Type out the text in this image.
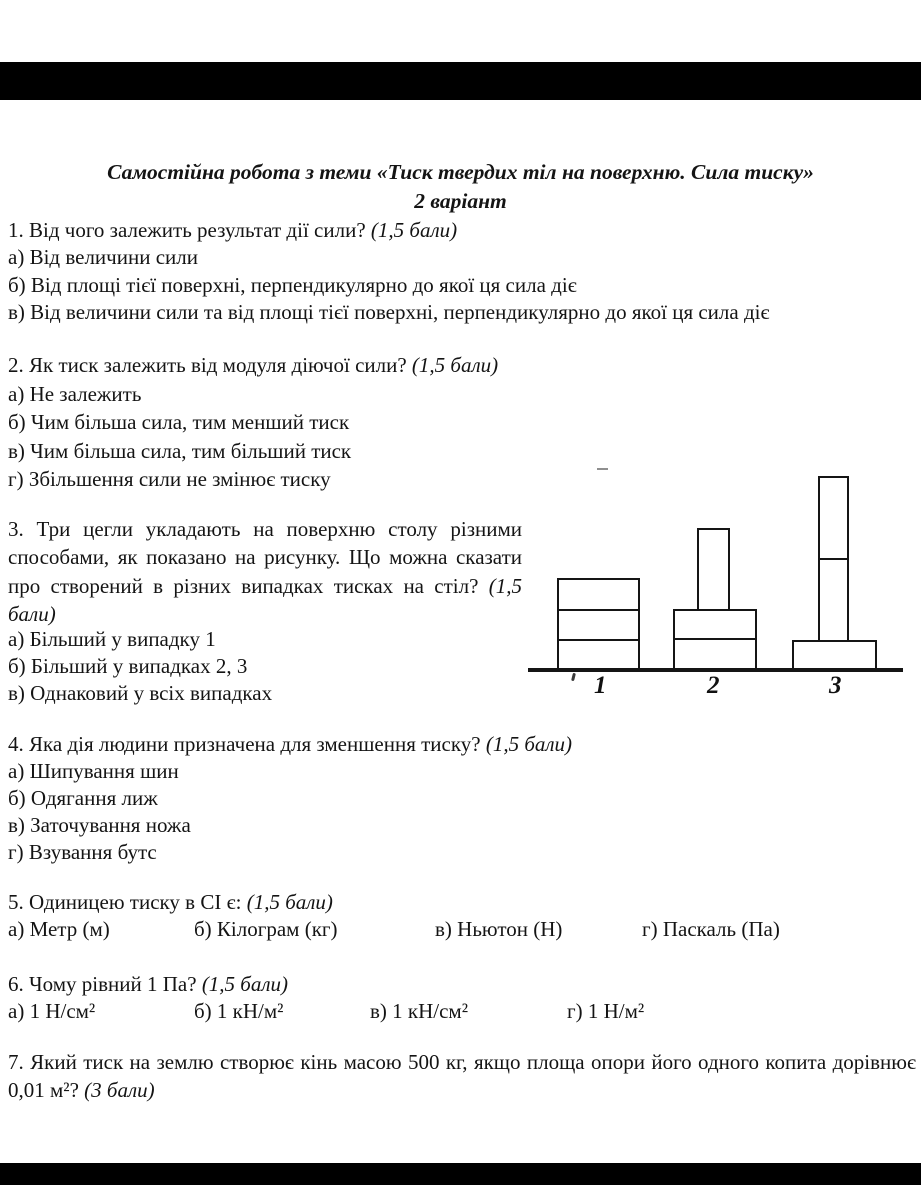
Самостійна робота з теми «Тиск твердих тіл на поверхню. Сила тиску»
2 варіант
1. Від чого залежить результат дії сили? (1,5 бали)
а) Від величини сили
б) Від площі тієї поверхні, перпендикулярно до якої ця сила діє
в) Від величини сили та від площі тієї поверхні, перпендикулярно до якої ця сила діє
2. Як тиск залежить від модуля діючої сили? (1,5 бали)
а) Не залежить
б) Чим більша сила, тим менший тиск
в) Чим більша сила, тим більший тиск
г) Збільшення сили не змінює тиску
3. Три цегли укладають на поверхню столу різними способами, як показано на рисунку. Що можна сказати про створений в різних випадках тисках на стіл? (1,5 бали)
а) Більший у випадку 1
б) Більший у випадках 2, 3
в) Однаковий у всіх випадках	1	2	3
4. Яка дія людини призначена для зменшення тиску? (1,5 бали)
а) Шипування шин
б) Одягання лиж
в) Заточування ножа
г) Взування бутс
5. Одиницею тиску в СІ є: (1,5 бали)
а) Метр (м)	б) Кілограм (кг)	в) Ньютон (Н)	г) Паскаль (Па)
6. Чому рівний 1 Па? (1,5 бали)
а) 1 Н/см²	б) 1 кН/м²	в) 1 кН/см²	г) 1 Н/м²
7. Який тиск на землю створює кінь масою 500 кг, якщо площа опори його одного копита дорівнює 0,01 м²? (3 бали)
